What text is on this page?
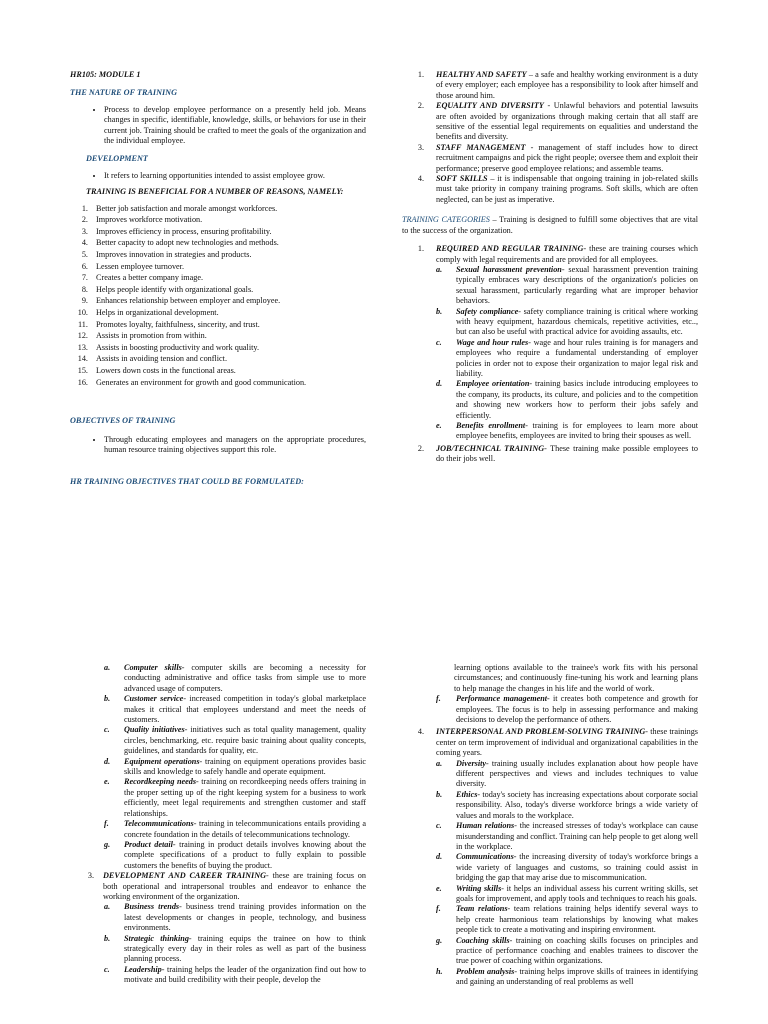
HR105: MODULE 1

THE NATURE OF TRAINING

• Process to develop employee performance on a presently held job. Means changes in specific, identifiable, knowledge, skills, or behaviors for use in their current job. Training should be crafted to meet the goals of the organization and the individual employee.

DEVELOPMENT

• It refers to learning opportunities intended to assist employee grow.

TRAINING IS BENEFICIAL FOR A NUMBER OF REASONS, NAMELY:

1. Better job satisfaction and morale amongst workforces.
2. Improves workforce motivation.
3. Improves efficiency in process, ensuring profitability.
4. Better capacity to adopt new technologies and methods.
5. Improves innovation in strategies and products.
6. Lessen employee turnover.
7. Creates a better company image.
8. Helps people identify with organizational goals.
9. Enhances relationship between employer and employee.
10. Helps in organizational development.
11. Promotes loyalty, faithfulness, sincerity, and trust.
12. Assists in promotion from within.
13. Assists in boosting productivity and work quality.
14. Assists in avoiding tension and conflict.
15. Lowers down costs in the functional areas.
16. Generates an environment for growth and good communication.

OBJECTIVES OF TRAINING

• Through educating employees and managers on the appropriate procedures, human resource training objectives support this role.

HR TRAINING OBJECTIVES THAT COULD BE FORMULATED:

1. HEALTHY AND SAFETY – a safe and healthy working environment is a duty of every employer; each employee has a responsibility to look after himself and those around him.
2. EQUALITY AND DIVERSITY - Unlawful behaviors and potential lawsuits are often avoided by organizations through making certain that all staff are sensitive of the essential legal requirements on equalities and understand the benefits and diversity.
3. STAFF MANAGEMENT - management of staff includes how to direct recruitment campaigns and pick the right people; oversee them and exploit their performance; preserve good employee relations; and assemble teams.
4. SOFT SKILLS – it is indispensable that ongoing training in job-related skills must take priority in company training programs. Soft skills, which are often neglected, can be just as imperative.

TRAINING CATEGORIES – Training is designed to fulfill some objectives that are vital to the success of the organization.

1. REQUIRED AND REGULAR TRAINING- these are training courses which comply with legal requirements and are provided for all employees.
a.	Sexual harassment prevention- sexual harassment prevention training typically embraces wary descriptions of the organization's policies on sexual harassment, particularly regarding what are improper behavior behaviors.
b.	Safety compliance- safety compliance training is critical where working with heavy equipment, hazardous chemicals, repetitive activities, etc.., but can also be useful with practical advice for avoiding assaults, etc.
c.	Wage and hour rules- wage and hour rules training is for managers and employees who require a fundamental understanding of employer policies in order not to expose their organization to major legal risk and liability.
d.	Employee orientation- training basics include introducing employees to the company, its products, its culture, and policies and to the competition and showing new workers how to perform their jobs safely and efficiently.
e.	Benefits enrollment- training is for employees to learn more about employee benefits, employees are invited to bring their spouses as well.
2. JOB/TECHNICAL TRAINING- These training make possible employees to do their jobs well.
a.	Computer skills- computer skills are becoming a necessity for conducting administrative and office tasks from simple use to more advanced usage of computers.
b.	Customer service- increased competition in today's global marketplace makes it critical that employees understand and meet the needs of customers.
c.	Quality initiatives- initiatives such as total quality management, quality circles, benchmarking, etc. require basic training about quality concepts, guidelines, and standards for quality, etc.
d.	Equipment operations- training on equipment operations provides basic skills and knowledge to safely handle and operate equipment.
e.	Recordkeeping needs- training on recordkeeping needs offers training in the proper setting up of the right keeping system for a business to work efficiently, meet legal requirements and strengthen customer and staff relationships.
f.	Telecommunications- training in telecommunications entails providing a concrete foundation in the details of telecommunications technology.
g.	Product detail- training in product details involves knowing about the complete specifications of a product to fully explain to possible customers the benefits of buying the product.
3. DEVELOPMENT AND CAREER TRAINING- these are training focus on both operational and intrapersonal troubles and endeavor to enhance the working environment of the organization.
a.	Business trends- business trend training provides information on the latest developments or changes in people, technology, and business environments.
b.	Strategic thinking- training equips the trainee on how to think strategically every day in their roles as well as part of the business planning process.
c.	Leadership- training helps the leader of the organization find out how to motivate and build credibility with their people, develop the

learning options available to the trainee's work fits with his personal circumstances; and continuously fine-tuning his work and learning plans to help manage the changes in his life and the world of work.

f.	Performance management- it creates both competence and growth for employees. The focus is to help in assessing performance and making decisions to develop the performance of others.
4. INTERPERSONAL AND PROBLEM-SOLVING TRAINING- these trainings center on term improvement of individual and organizational capabilities in the coming years.
a.	Diversity- training usually includes explanation about how people have different perspectives and views and includes techniques to value diversity.
b.	Ethics- today's society has increasing expectations about corporate social responsibility. Also, today's diverse workforce brings a wide variety of values and morals to the workplace.
c.	Human relations- the increased stresses of today's workplace can cause misunderstanding and conflict. Training can help people to get along well in the workplace.
d.	Communications- the increasing diversity of today's workforce brings a wide variety of languages and customs, so training could assist in bridging the gap that may arise due to miscommunication.
e.	Writing skills- it helps an individual assess his current writing skills, set goals for improvement, and apply tools and techniques to reach his goals.
f.	Team relations- team relations training helps identify several ways to help create harmonious team relationships by knowing what makes people tick to create a motivating and inspiring environment.
g.	Coaching skills- training on coaching skills focuses on principles and practice of performance coaching and enables trainees to discover the true power of coaching within organizations.
h.	Problem analysis- training helps improve skills of trainees in identifying and gaining an understanding of real problems as well
